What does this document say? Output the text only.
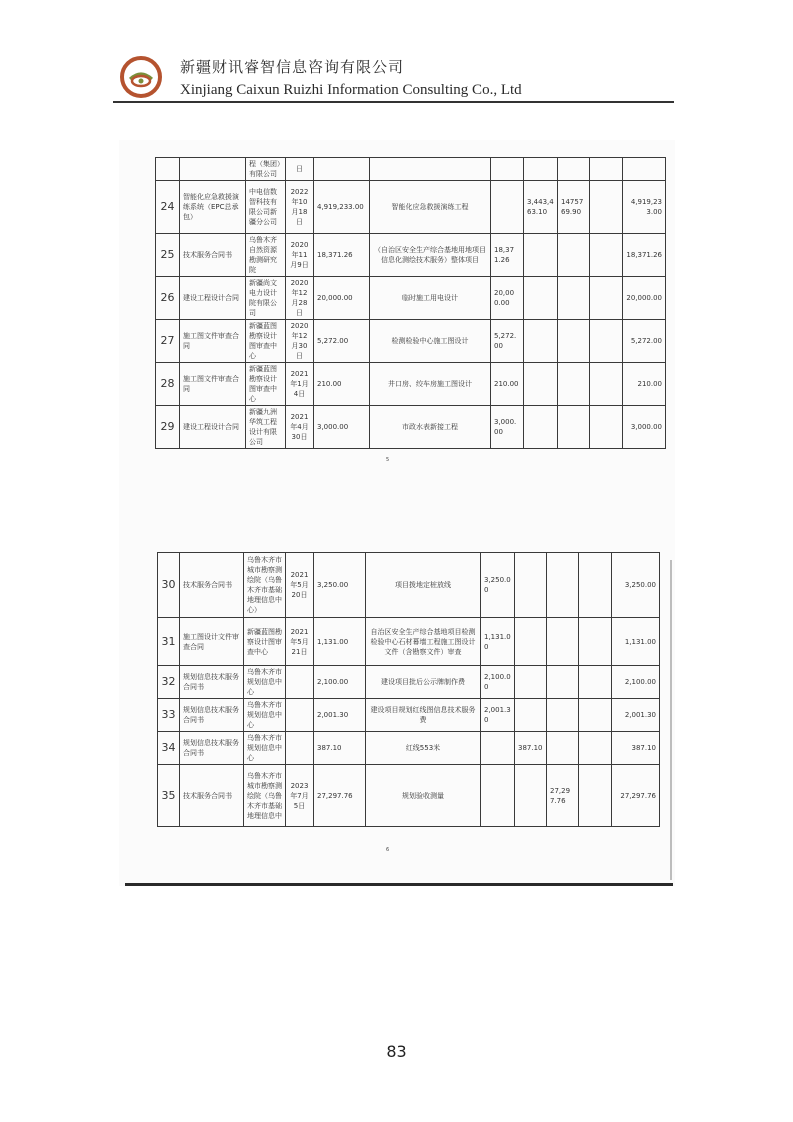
新疆财讯睿智信息咨询有限公司
Xinjiang Caixun Ruizhi Information Consulting Co., Ltd
		程（集团）有限公司	日							
24	智能化应急救援演练系统（EPC总承包）	中电信数智科技有限公司新疆分公司	2022年10月18日	4,919,233.00	智能化应急救援演练工程		3,443,463.10	1475769.90		4,919,233.00
25	技术服务合同书	乌鲁木齐自然资源勘测研究院	2020年11月9日	18,371.26	（自治区安全生产综合基地用地项目信息化测绘技术服务）整体项目	18,371.26				18,371.26
26	建设工程设计合同	新疆尚文电力设计院有限公司	2020年12月28日	20,000.00	临时施工用电设计	20,000.00				20,000.00
27	施工图文件审查合同	新疆蓝图勘察设计图审查中心	2020年12月30日	5,272.00	检测检验中心施工图设计	5,272.00				5,272.00
28	施工图文件审查合同	新疆蓝图勘察设计图审查中心	2021年1月4日	210.00	井口房、绞车房施工图设计	210.00				210.00
29	建设工程设计合同	新疆九洲华筑工程设计有限公司	2021年4月30日	3,000.00	市政水表新接工程	3,000.00				3,000.00
5
30	技术服务合同书	乌鲁木齐市城市勘察测绘院（乌鲁木齐市基础地理信息中心）	2021年5月20日	3,250.00	项目拨地定桩放线	3,250.00				3,250.00
31	施工图设计文件审查合同	新疆蓝图勘察设计图审查中心	2021年5月21日	1,131.00	自治区安全生产综合基地项目检测检验中心石材幕墙工程施工图设计文件（含勘察文件）审查	1,131.00				1,131.00
32	规划信息技术服务合同书	乌鲁木齐市规划信息中心		2,100.00	建设项目批后公示牌制作费	2,100.00				2,100.00
33	规划信息技术服务合同书	乌鲁木齐市规划信息中心		2,001.30	建设项目规划红线图信息技术服务费	2,001.30				2,001.30
34	规划信息技术服务合同书	乌鲁木齐市规划信息中心		387.10	红线553米		387.10			387.10
35	技术服务合同书	乌鲁木齐市城市勘察测绘院（乌鲁木齐市基础地理信息中	2023年7月5日	27,297.76	规划验收测量			27,297.76		27,297.76
6
83
